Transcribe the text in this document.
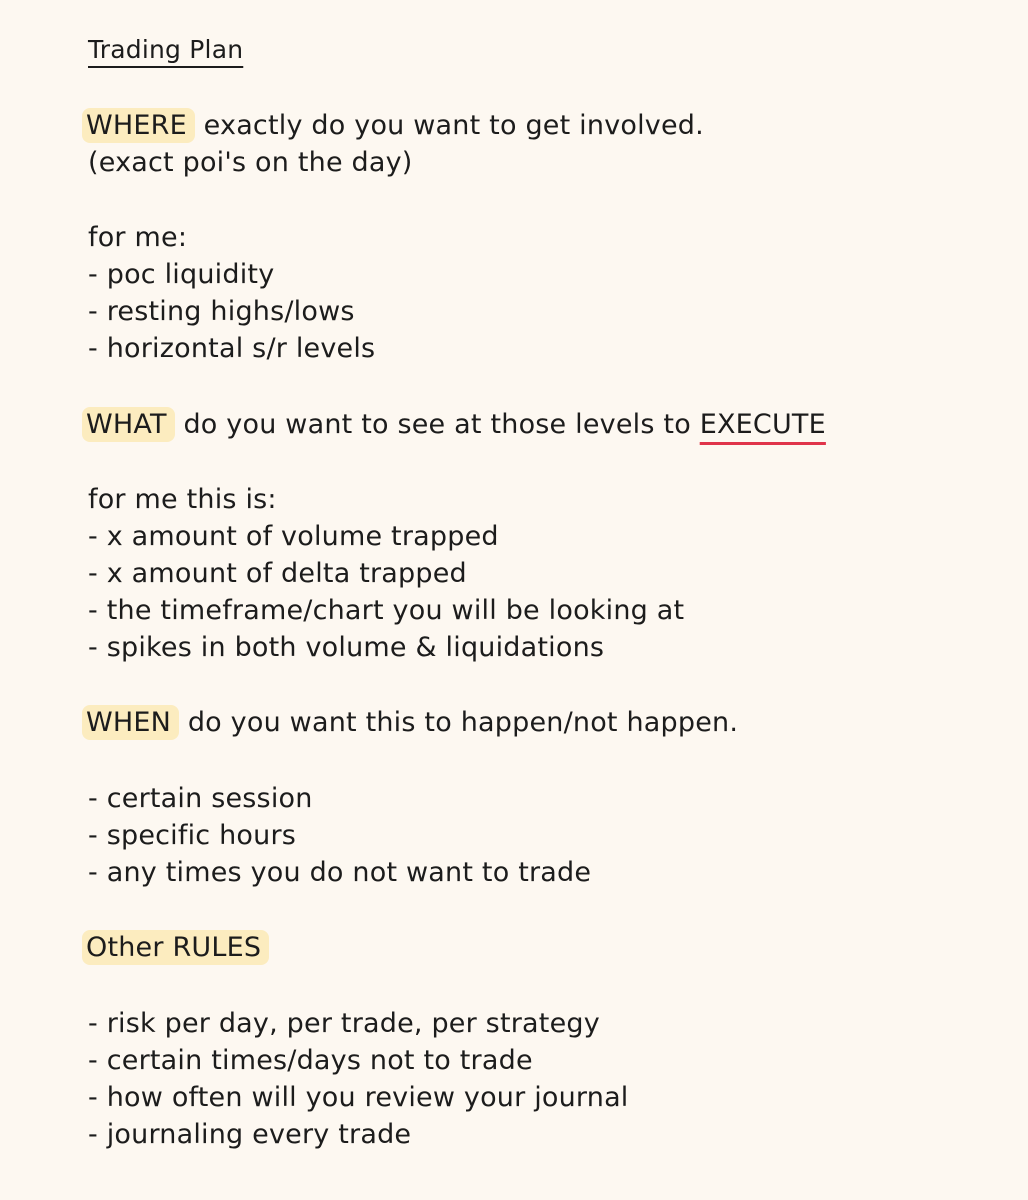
Trading Plan
WHERE exactly do you want to get involved.
(exact poi's on the day)
for me:
- poc liquidity
- resting highs/lows
- horizontal s/r levels
WHAT do you want to see at those levels to EXECUTE
for me this is:
- x amount of volume trapped
- x amount of delta trapped
- the timeframe/chart you will be looking at
- spikes in both volume & liquidations
WHEN do you want this to happen/not happen.
- certain session
- specific hours
- any times you do not want to trade
Other RULES
- risk per day, per trade, per strategy
- certain times/days not to trade
- how often will you review your journal
- journaling every trade
